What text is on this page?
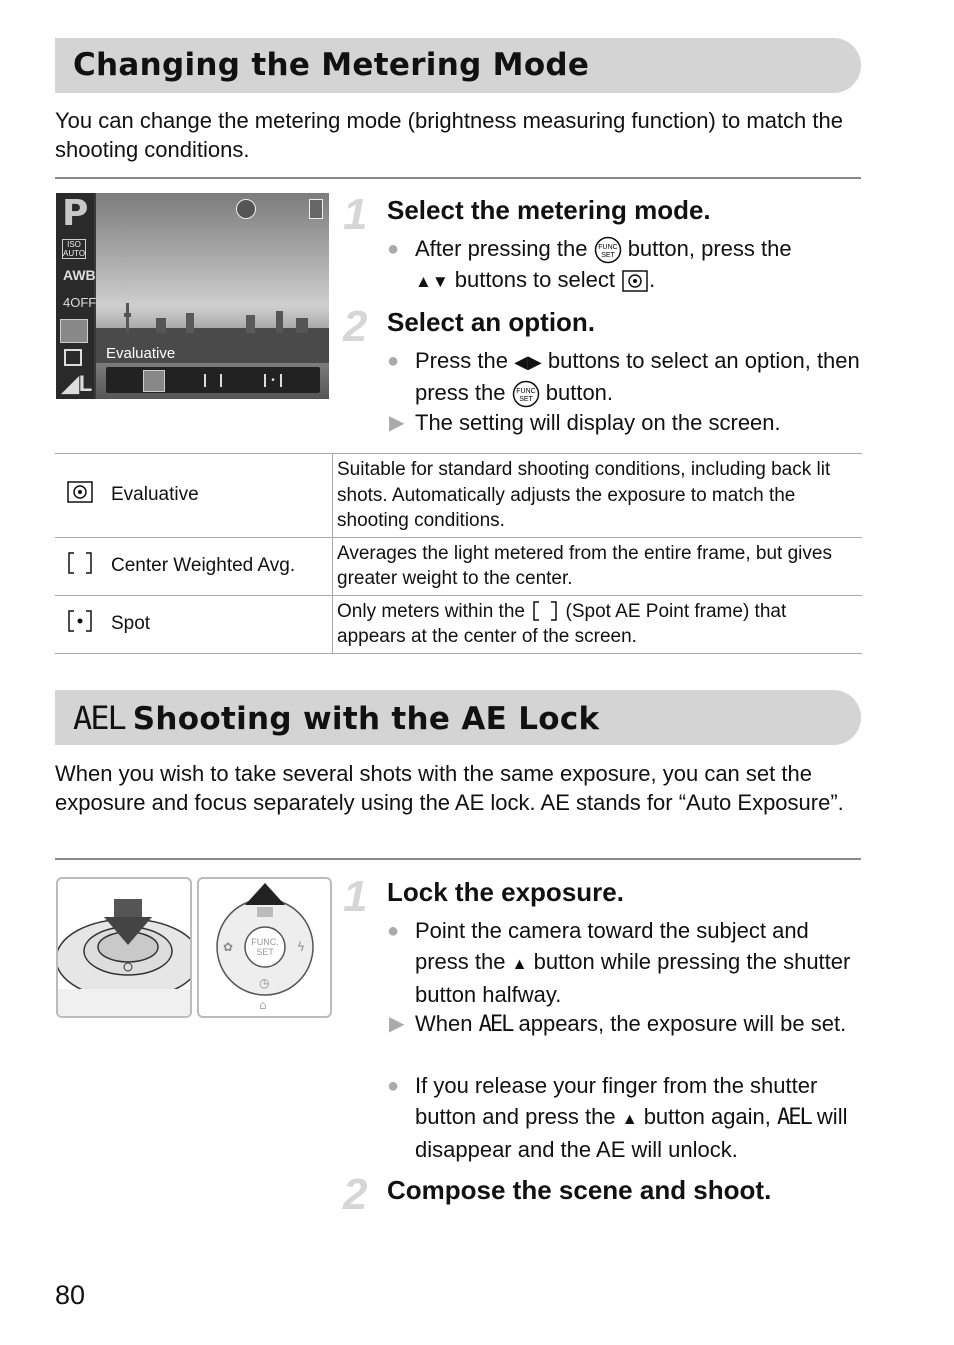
Changing the Metering Mode
You can change the metering mode (brightness measuring function) to match the shooting conditions.
P
ISO
AUTO
AWB
4OFF
◢L
Evaluative
•
1 Select the metering mode.
● After pressing the FUNC
SET button, press the
▲▼ buttons to select .
2 Select an option.
● Press the ◀▶ buttons to select an option, then press the FUNC
SET button.
▶ The setting will display on the screen.
	Evaluative	Suitable for standard shooting conditions, including back lit shots. Automatically adjusts the exposure to match the shooting conditions.
	Center Weighted Avg.	Averages the light metered from the entire frame, but gives greater weight to the center.
	Spot	Only meters within the (Spot AE Point frame) that appears at the center of the screen.
AEL Shooting with the AE Lock
When you wish to take several shots with the same exposure, you can set the exposure and focus separately using the AE lock. AE stands for “Auto Exposure”.
ϟ
✿
◷
⌂
FUNC.
SET
1 Lock the exposure.
● Point the camera toward the subject and press the ▲ button while pressing the shutter button halfway.
▶ When AEL appears, the exposure will be set.
● If you release your finger from the shutter button and press the ▲ button again, AEL will disappear and the AE will unlock.
2 Compose the scene and shoot.
80
